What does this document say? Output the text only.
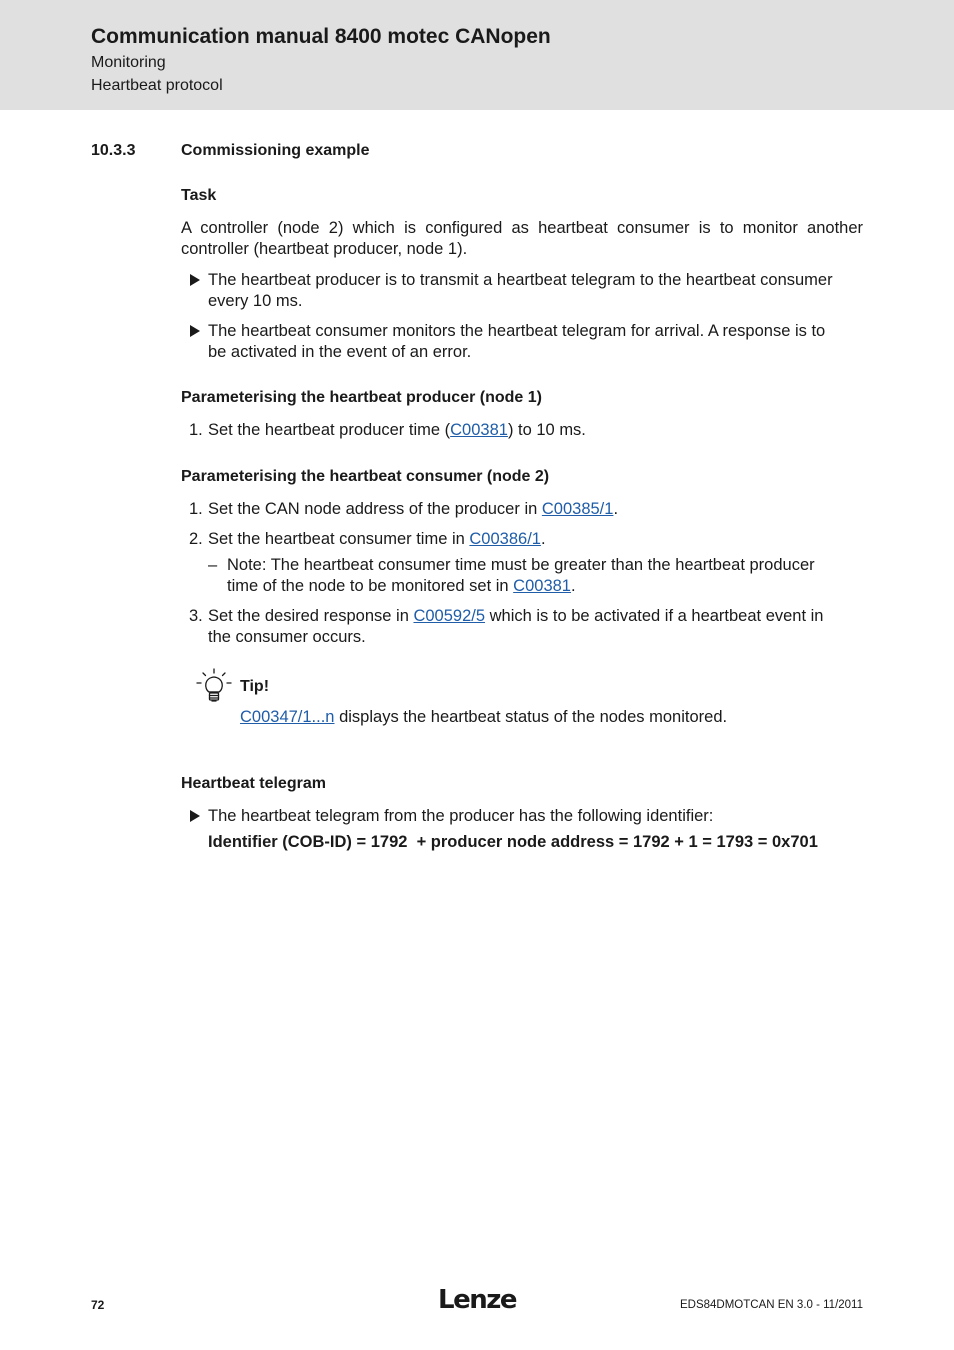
Communication manual 8400 motec CANopen
Monitoring
Heartbeat protocol
10.3.3	Commissioning example
Task
A controller (node 2) which is configured as heartbeat consumer is to monitor another
controller (heartbeat producer, node 1).
The heartbeat producer is to transmit a heartbeat telegram to the heartbeat consumer
every 10 ms.
The heartbeat consumer monitors the heartbeat telegram for arrival. A response is to
be activated in the event of an error.
Parameterising the heartbeat producer (node 1)
1. Set the heartbeat producer time (C00381) to 10 ms.
Parameterising the heartbeat consumer (node 2)
1. Set the CAN node address of the producer in C00385/1.
2. Set the heartbeat consumer time in C00386/1.
– Note: The heartbeat consumer time must be greater than the heartbeat producer
time of the node to be monitored set in C00381.
3. Set the desired response in C00592/5 which is to be activated if a heartbeat event in
the consumer occurs.
Tip!
C00347/1...n displays the heartbeat status of the nodes monitored.
Heartbeat telegram
The heartbeat telegram from the producer has the following identifier:
Identifier (COB-ID) = 1792  + producer node address = 1792 + 1 = 1793 = 0x701
72	Lenze	EDS84DMOTCAN EN 3.0 - 11/2011
